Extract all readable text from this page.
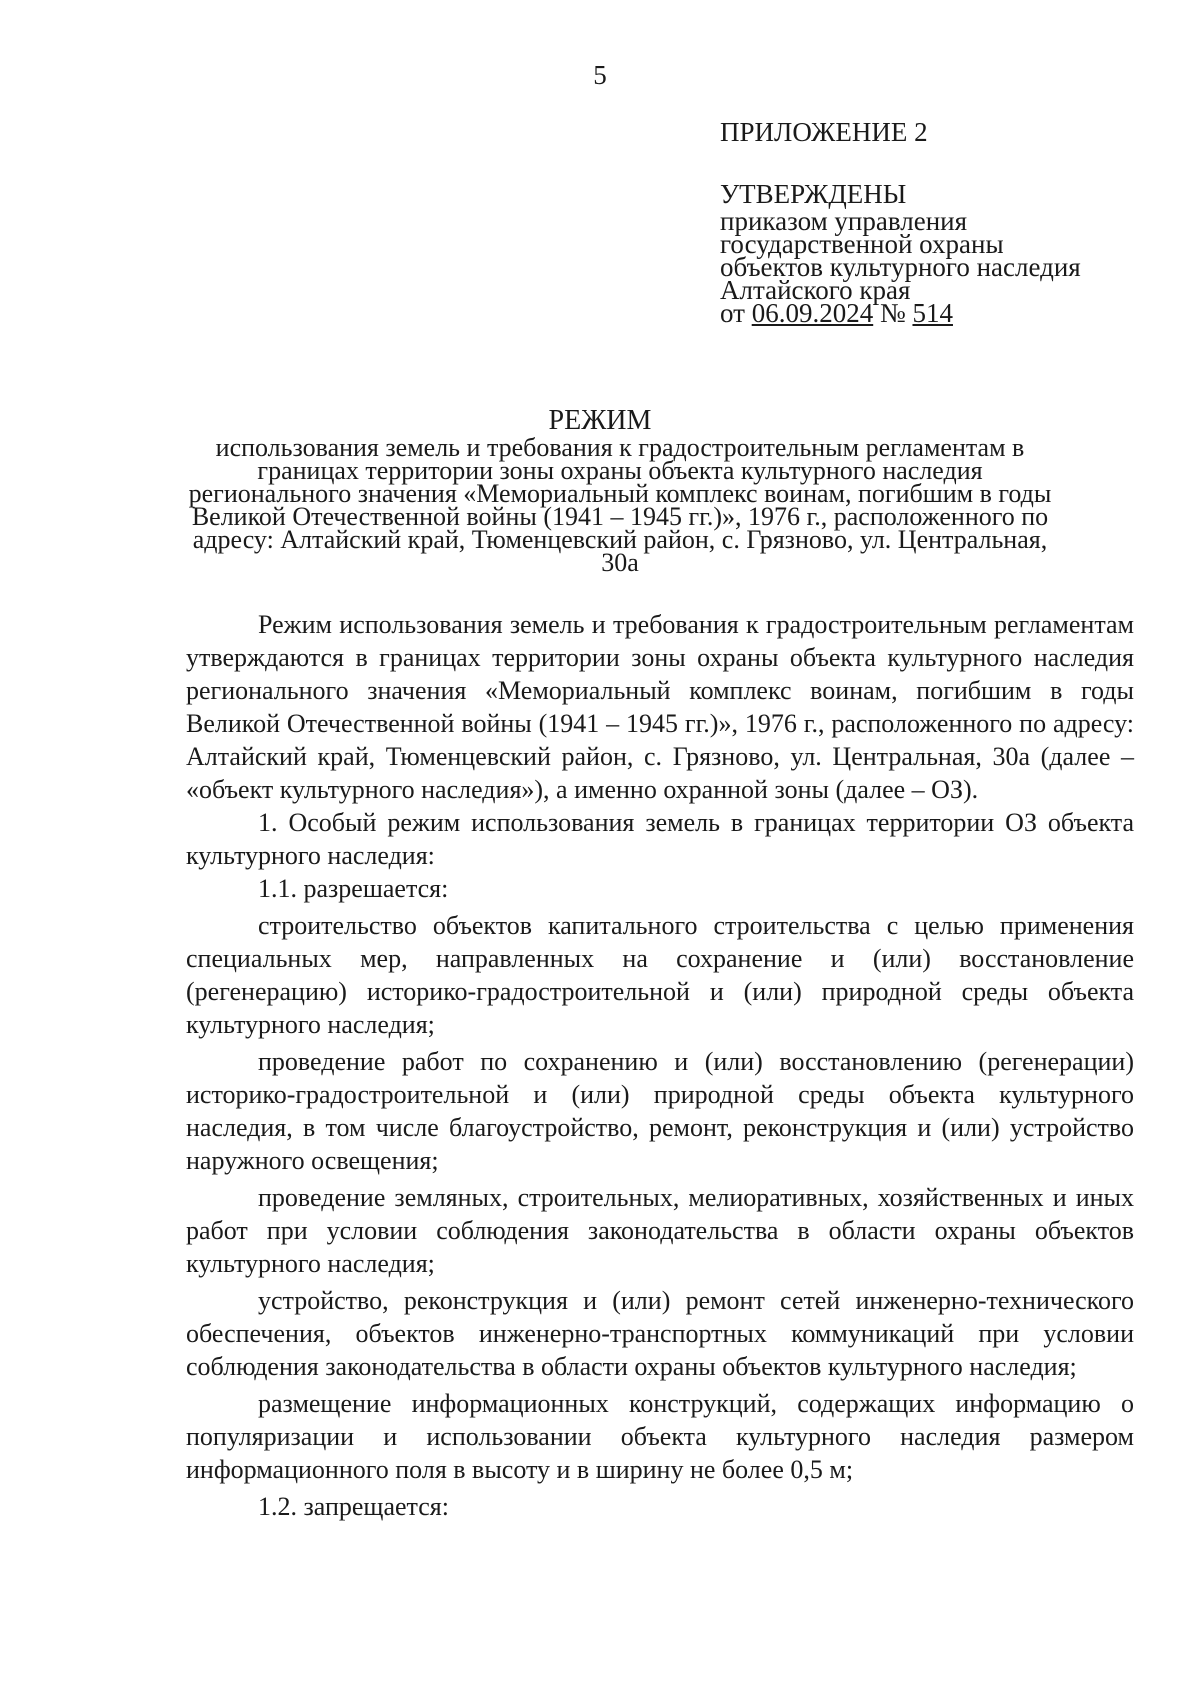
5
ПРИЛОЖЕНИЕ 2
УТВЕРЖДЕНЫ
приказом управления
государственной охраны
объектов культурного наследия
Алтайского края
от 06.09.2024 № 514
РЕЖИМ
использования земель и требования к градостроительным регламентам в границах территории зоны охраны объекта культурного наследия регионального значения «Мемориальный комплекс воинам, погибшим в годы Великой Отечественной войны (1941 – 1945 гг.)», 1976 г., расположенного по адресу: Алтайский край, Тюменцевский район, с. Грязново, ул. Центральная, 30а

Режим использования земель и требования к градостроительным регламентам утверждаются в границах территории зоны охраны объекта культурного наследия регионального значения «Мемориальный комплекс воинам, погибшим в годы Великой Отечественной войны (1941 – 1945 гг.)», 1976 г., расположенного по адресу: Алтайский край, Тюменцевский район, с. Грязново, ул. Центральная, 30а (далее – «объект культурного наследия»), а именно охранной зоны (далее – ОЗ).

1. Особый режим использования земель в границах территории ОЗ объекта культурного наследия:

1.1. разрешается:

строительство объектов капитального строительства с целью применения специальных мер, направленных на сохранение и (или) восстановление (регенерацию) историко-градостроительной и (или) природной среды объекта культурного наследия;

проведение работ по сохранению и (или) восстановлению (регенерации) историко-градостроительной и (или) природной среды объекта культурного наследия, в том числе благоустройство, ремонт, реконструкция и (или) устройство наружного освещения;

проведение земляных, строительных, мелиоративных, хозяйственных и иных работ при условии соблюдения законодательства в области охраны объектов культурного наследия;

устройство, реконструкция и (или) ремонт сетей инженерно-технического обеспечения, объектов инженерно-транспортных коммуникаций при условии соблюдения законодательства в области охраны объектов культурного наследия;

размещение информационных конструкций, содержащих информацию о популяризации и использовании объекта культурного наследия размером информационного поля в высоту и в ширину не более 0,5 м;

1.2. запрещается:
